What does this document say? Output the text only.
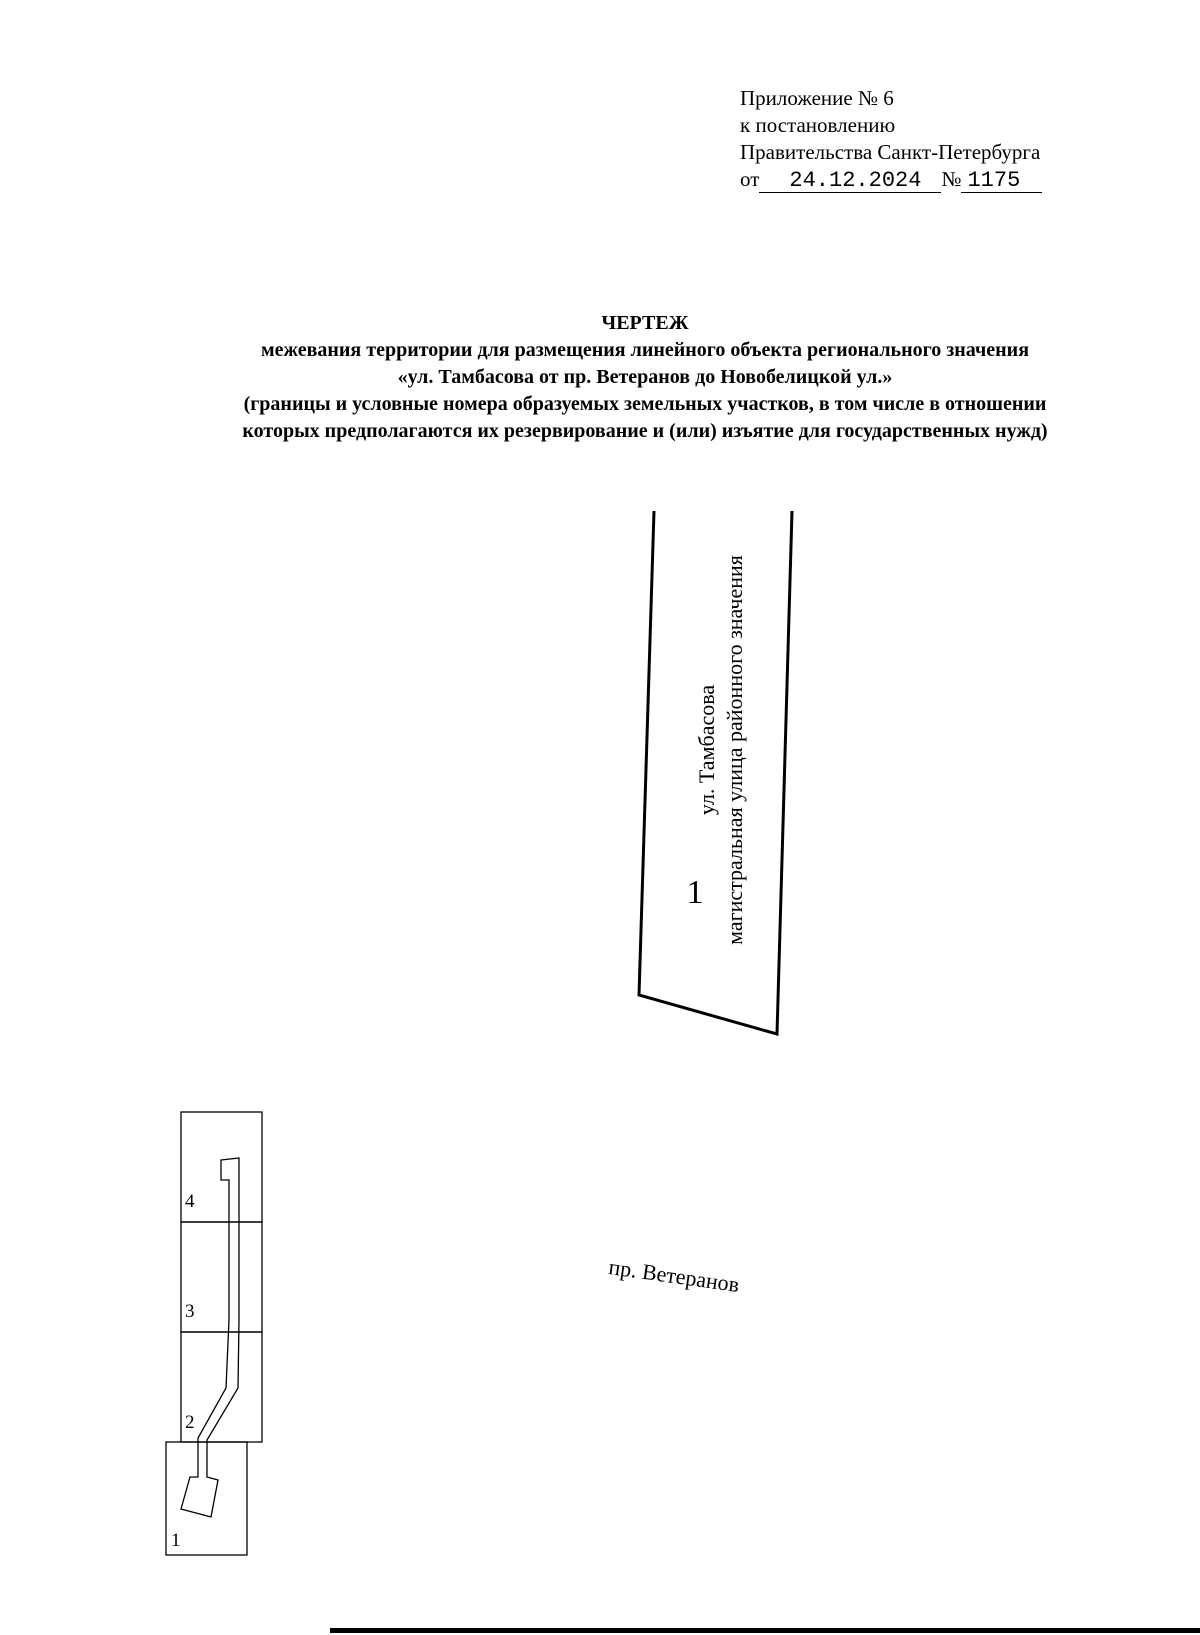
Приложение № 6
к постановлению
Правительства Санкт-Петербурга
от 24.12.2024 № 1175
ЧЕРТЕЖ
межевания территории для размещения линейного объекта регионального значения
«ул. Тамбасова от пр. Ветеранов до Новобелицкой ул.»
(границы и условные номера образуемых земельных участков, в том числе в отношении
которых предполагаются их резервирование и (или) изъятие для государственных нужд)
1
ул. Тамбасова магистральная улица районного значения
пр. Ветеранов
4
3
2
1
